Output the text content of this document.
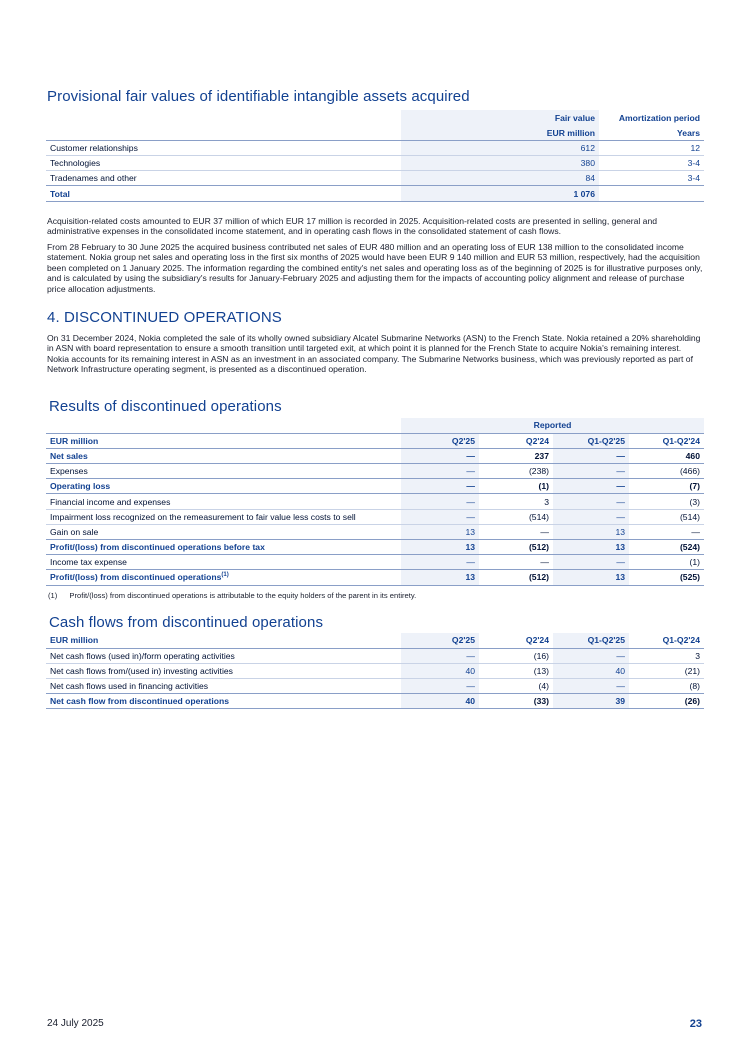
Provisional fair values of identifiable intangible assets acquired
	Fair value	Amortization period
	EUR million	Years
Customer relationships	612	12
Technologies	380	3-4
Tradenames and other	84	3-4
Total	1 076	
Acquisition-related costs amounted to EUR 37 million of which EUR 17 million is recorded in 2025. Acquisition-related costs are presented in selling, general and administrative expenses in the consolidated income statement, and in operating cash flows in the consolidated statement of cash flows.
From 28 February to 30 June 2025 the acquired business contributed net sales of EUR 480 million and an operating loss of EUR 138 million to the consolidated income statement. Nokia group net sales and operating loss in the first six months of 2025 would have been EUR 9 140 million and EUR 53 million, respectively, had the acquisition been completed on 1 January 2025. The information regarding the combined entity's net sales and operating loss as of the beginning of 2025 is for illustrative purposes only, and is calculated by using the subsidiary's results for January-February 2025 and adjusting them for the impacts of accounting policy alignment and release of purchase price allocation adjustments.
4. DISCONTINUED OPERATIONS
On 31 December 2024, Nokia completed the sale of its wholly owned subsidiary Alcatel Submarine Networks (ASN) to the French State. Nokia retained a 20% shareholding in ASN with board representation to ensure a smooth transition until targeted exit, at which point it is planned for the French State to acquire Nokia's remaining interest. Nokia accounts for its remaining interest in ASN as an investment in an associated company. The Submarine Networks business, which was previously reported as part of Network Infrastructure operating segment, is presented as a discontinued operation.
Results of discontinued operations
	Reported			
EUR million	Q2'25	Q2'24	Q1-Q2'25	Q1-Q2'24
Net sales	—	237	—	460
Expenses	—	(238)	—	(466)
Operating loss	—	(1)	—	(7)
Financial income and expenses	—	3	—	(3)
Impairment loss recognized on the remeasurement to fair value less costs to sell	—	(514)	—	(514)
Gain on sale	13	—	13	—
Profit/(loss) from discontinued operations before tax	13	(512)	13	(524)
Income tax expense	—	—	—	(1)
Profit/(loss) from discontinued operations$^{(1)}$	13	(512)	13	(525)
(1) Profit/(loss) from discontinued operations is attributable to the equity holders of the parent in its entirety.
Cash flows from discontinued operations
EUR million	Q2'25	Q2'24	Q1-Q2'25	Q1-Q2'24
Net cash flows (used in)/form operating activities	—	(16)	—	3
Net cash flows from/(used in) investing activities	40	(13)	40	(21)
Net cash flows used in financing activities	—	(4)	—	(8)
Net cash flow from discontinued operations	40	(33)	39	(26)
24 July 2025	23
